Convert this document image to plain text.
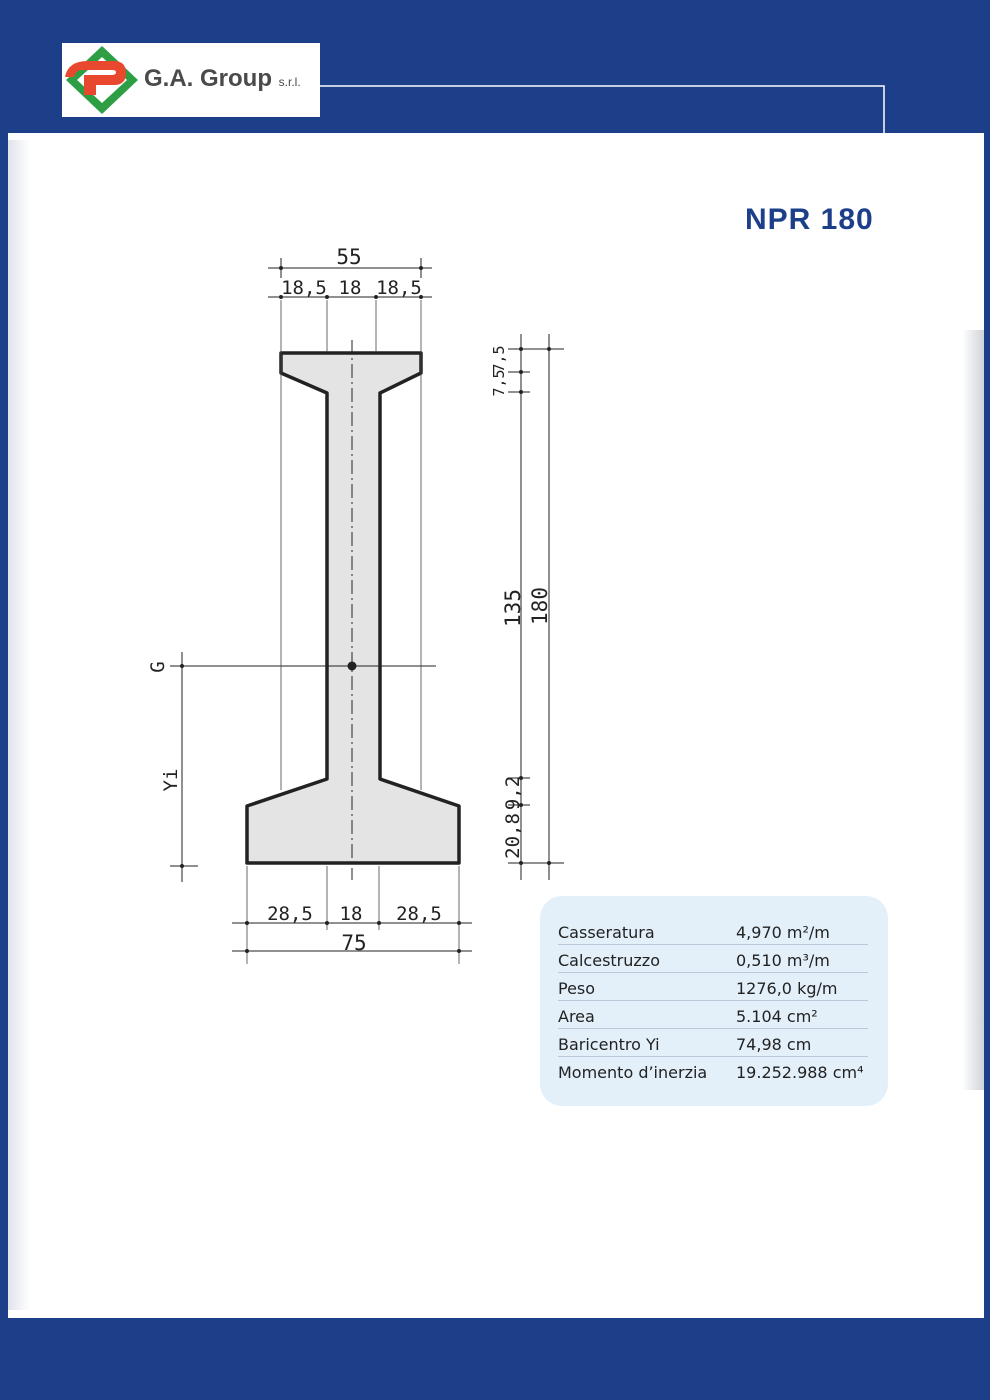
G.A. Group s.r.l.
NPR 180
55
18,5 18 18,5
28,5 18 28,5
75
7,5
7,5
135 180
20,8
9,2
G
Yi
Casseratura	4,970 m²/m
Calcestruzzo	0,510 m³/m
Peso	1276,0 kg/m
Area	5.104 cm²
Baricentro Yi	74,98 cm
Momento d’inerzia 19.252.988 cm⁴
